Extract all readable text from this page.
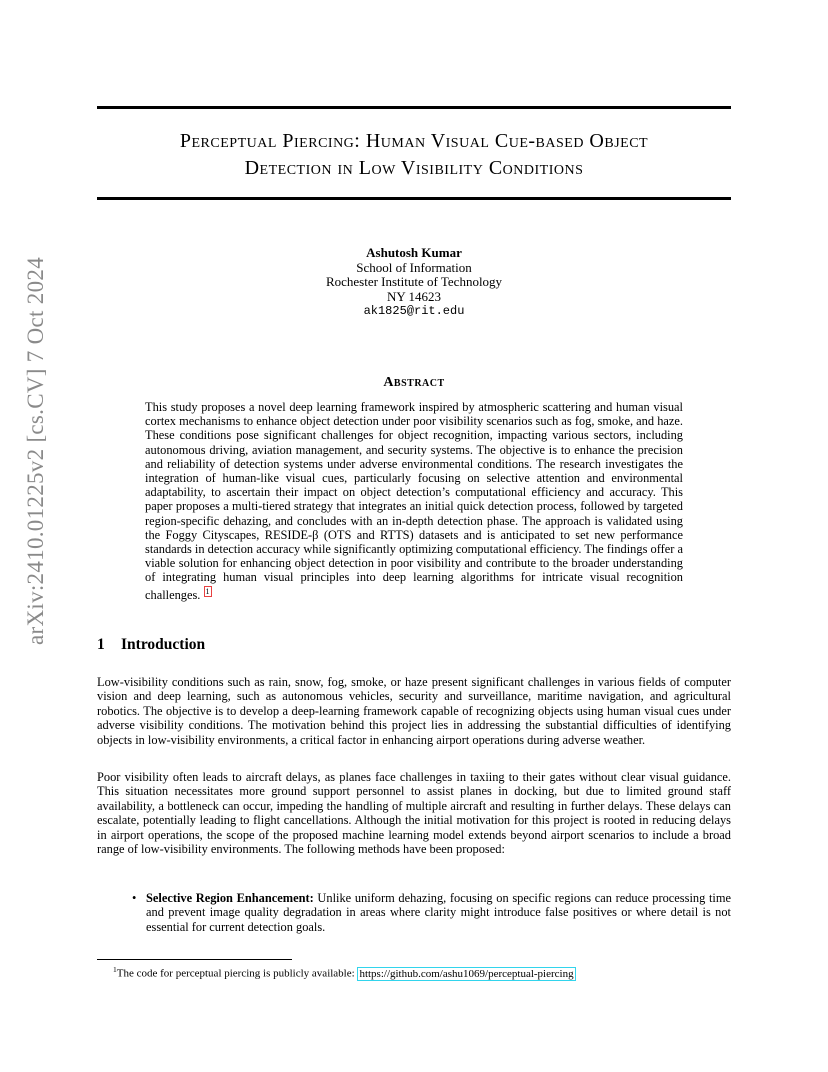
arXiv:2410.01225v2 [cs.CV] 7 Oct 2024
Perceptual Piercing: Human Visual Cue-based Object
Detection in Low Visibility Conditions
Ashutosh Kumar
School of Information
Rochester Institute of Technology
NY 14623
ak1825@rit.edu
Abstract
This study proposes a novel deep learning framework inspired by atmospheric scattering and human visual cortex mechanisms to enhance object detection under poor visibility scenarios such as fog, smoke, and haze. These conditions pose significant challenges for object recognition, impacting various sectors, including autonomous driving, aviation management, and security systems. The objective is to enhance the precision and reliability of detection systems under adverse environmental conditions. The research investigates the integration of human-like visual cues, particularly focusing on selective attention and environmental adaptability, to ascertain their impact on object detection’s computational efficiency and accuracy. This paper proposes a multi-tiered strategy that integrates an initial quick detection process, followed by targeted region-specific dehazing, and concludes with an in-depth detection phase. The approach is validated using the Foggy Cityscapes, RESIDE-β (OTS and RTTS) datasets and is anticipated to set new performance standards in detection accuracy while significantly optimizing computational efficiency. The findings offer a viable solution for enhancing object detection in poor visibility and contribute to the broader understanding of integrating human visual principles into deep learning algorithms for intricate visual recognition challenges. $^1$
1 Introduction
Low-visibility conditions such as rain, snow, fog, smoke, or haze present significant challenges in various fields of computer vision and deep learning, such as autonomous vehicles, security and surveillance, maritime navigation, and agricultural robotics. The objective is to develop a deep-learning framework capable of recognizing objects using human visual cues under adverse visibility conditions. The motivation behind this project lies in addressing the substantial difficulties of identifying objects in low-visibility environments, a critical factor in enhancing airport operations during adverse weather.
Poor visibility often leads to aircraft delays, as planes face challenges in taxiing to their gates without clear visual guidance. This situation necessitates more ground support personnel to assist planes in docking, but due to limited ground staff availability, a bottleneck can occur, impeding the handling of multiple aircraft and resulting in further delays. These delays can escalate, potentially leading to flight cancellations. Although the initial motivation for this project is rooted in reducing delays in airport operations, the scope of the proposed machine learning model extends beyond airport scenarios to include a broad range of low-visibility environments. The following methods have been proposed:
• Selective Region Enhancement: Unlike uniform dehazing, focusing on specific regions can reduce processing time and prevent image quality degradation in areas where clarity might introduce false positives or where detail is not essential for current detection goals.
$^1$The code for perceptual piercing is publicly available: https://github.com/ashu1069/perceptual-piercing
